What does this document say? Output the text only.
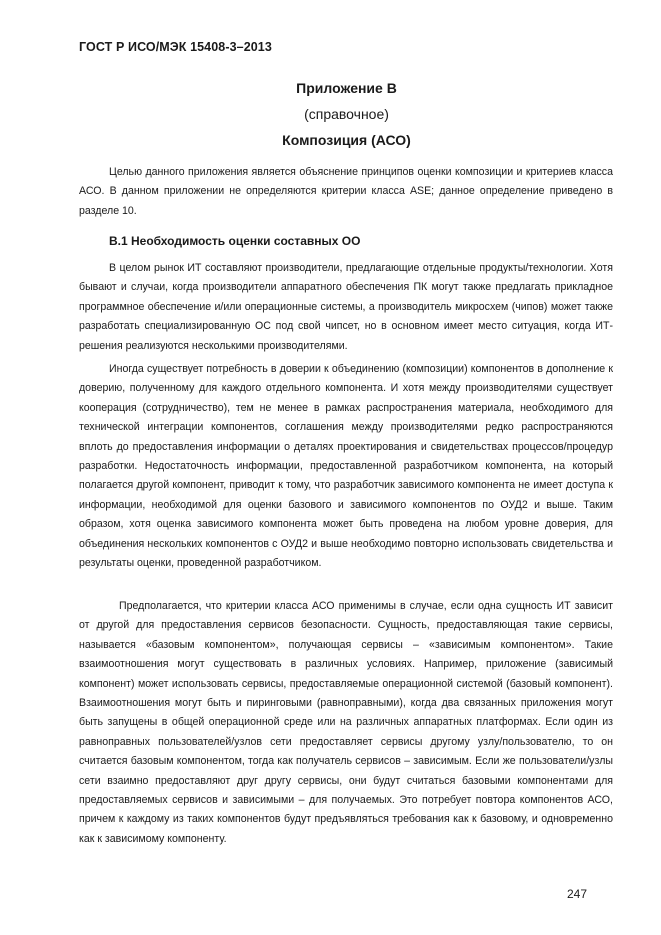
ГОСТ Р ИСО/МЭК 15408-3–2013
Приложение В
(справочное)
Композиция (АСО)

Целью данного приложения является объяснение принципов оценки композиции и критериев класса АСО. В данном приложении не определяются критерии класса ASE; данное определение приведено в разделе 10.

В.1 Необходимость оценки составных ОО

В целом рынок ИТ составляют производители, предлагающие отдельные продукты/технологии. Хотя бывают и случаи, когда производители аппаратного обеспечения ПК могут также предлагать прикладное программное обеспечение и/или операционные системы, а производитель микросхем (чипов) может также разработать специализированную ОС под свой чипсет, но в основном имеет место ситуация, когда ИТ-решения реализуются несколькими производителями.

Иногда существует потребность в доверии к объединению (композиции) компонентов в дополнение к доверию, полученному для каждого отдельного компонента. И хотя между производителями существует кооперация (сотрудничество), тем не менее в рамках распространения материала, необходимого для технической интеграции компонентов, соглашения между производителями редко распространяются вплоть до предоставления информации о деталях проектирования и свидетельствах процессов/процедур разработки. Недостаточность информации, предоставленной разработчиком компонента, на который полагается другой компонент, приводит к тому, что разработчик зависимого компонента не имеет доступа к информации, необходимой для оценки базового и зависимого компонентов по ОУД2 и выше. Таким образом, хотя оценка зависимого компонента может быть проведена на любом уровне доверия, для объединения нескольких компонентов с ОУД2 и выше необходимо повторно использовать свидетельства и результаты оценки, проведенной разработчиком.

Предполагается, что критерии класса АСО применимы в случае, если одна сущность ИТ зависит от другой для предоставления сервисов безопасности. Сущность, предоставляющая такие сервисы, называется «базовым компонентом», получающая сервисы – «зависимым компонентом». Такие взаимоотношения могут существовать в различных условиях. Например, приложение (зависимый компонент) может использовать сервисы, предоставляемые операционной системой (базовый компонент). Взаимоотношения могут быть и пиринговыми (равноправными), когда два связанных приложения могут быть запущены в общей операционной среде или на различных аппаратных платформах. Если один из равноправных пользователей/узлов сети предоставляет сервисы другому узлу/пользователю, то он считается базовым компонентом, тогда как получатель сервисов – зависимым. Если же пользователи/узлы сети взаимно предоставляют друг другу сервисы, они будут считаться базовыми компонентами для предоставляемых сервисов и зависимыми – для получаемых. Это потребует повтора компонентов АСО, причем к каждому из таких компонентов будут предъявляться требования как к базовому, и одновременно как к зависимому компоненту.

247
